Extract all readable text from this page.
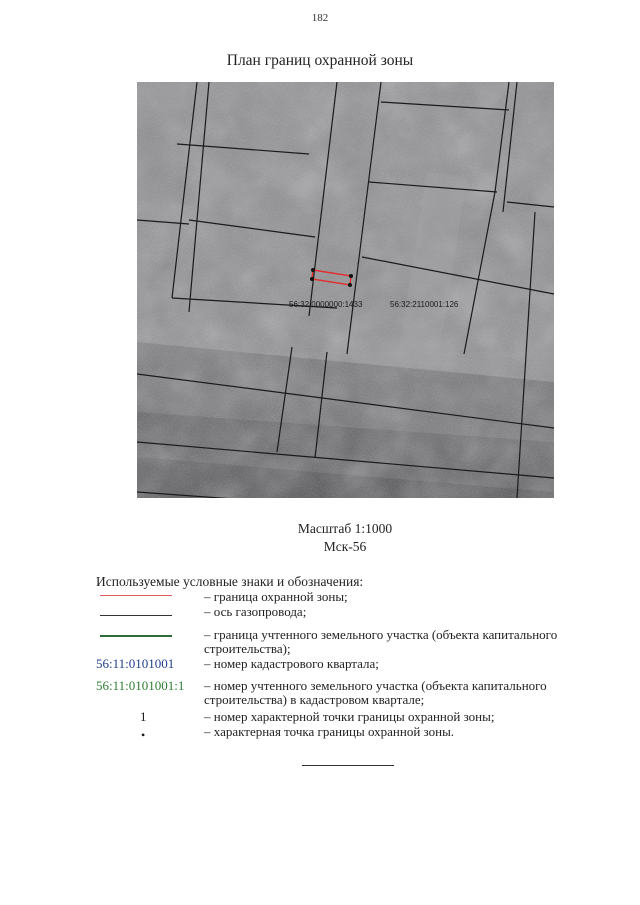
182
План границ охранной зоны
56:32:0000000:1433	56:32:2110001:126
Масштаб 1:1000
Мск-56
Используемые условные знаки и обозначения:
– граница охранной зоны;
– ось газопровода;
– граница учтенного земельного участка (объекта капитального строительства);
56:11:0101001	– номер кадастрового квартала;
56:11:0101001:1	– номер учтенного земельного участка (объекта капитального строительства) в кадастровом квартале;
1	– номер характерной точки границы охранной зоны;
•	– характерная точка границы охранной зоны.
